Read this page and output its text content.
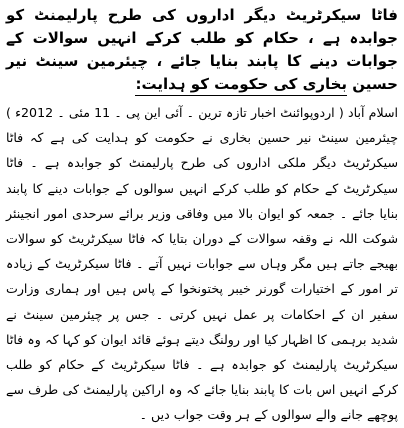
فاٹا سیکرٹریٹ دیگر اداروں کی طرح پارلیمنٹ کو جوابدہ ہے ، حکام کو طلب کرکے انہیں سوالات کے جوابات دینے کا پابند بنایا جائے ، چیئرمین سینٹ نیر حسین بخاری کی حکومت کو ہدایت:

اسلام آباد ( اردوپوائنٹ اخبار تازہ ترین ۔ آئی این پی ۔ 11 مئی ۔ 2012ء ) چیئرمین سینٹ نیر حسین بخاری نے حکومت کو ہدایت کی ہے کہ فاٹا سیکرٹریٹ دیگر ملکی اداروں کی طرح پارلیمنٹ کو جوابدہ ہے ۔ فاٹا سیکرٹریٹ کے حکام کو طلب کرکے انہیں سوالوں کے جوابات دینے کا پابند بنایا جائے ۔ جمعہ کو ایوان بالا میں وفاقی وزیر برائے سرحدی امور انجینئر شوکت اللہ نے وقفہ سوالات کے دوران بتایا کہ فاٹا سیکرٹریٹ کو سوالات بھیجے جاتے ہیں مگر وہاں سے جوابات نہیں آتے ۔ فاٹا سیکرٹریٹ کے زیادہ تر امور کے اختیارات گورنر خیبر پختونخوا کے پاس ہیں اور ہماری وزارت سفیر ان کے احکامات پر عمل نہیں کرتی ۔ جس پر چیئرمین سینٹ نے شدید برہمی کا اظہار کیا اور رولنگ دیتے ہوئے قائد ایوان کو کہا کہ وہ فاٹا سیکرٹریٹ پارلیمنٹ کو جوابدہ ہے ۔ فاٹا سیکرٹریٹ کے حکام کو طلب کرکے انہیں اس بات کا پابند بنایا جائے کہ وہ اراکین پارلیمنٹ کی طرف سے پوچھے جانے والے سوالوں کے ہر وقت جواب دیں ۔
